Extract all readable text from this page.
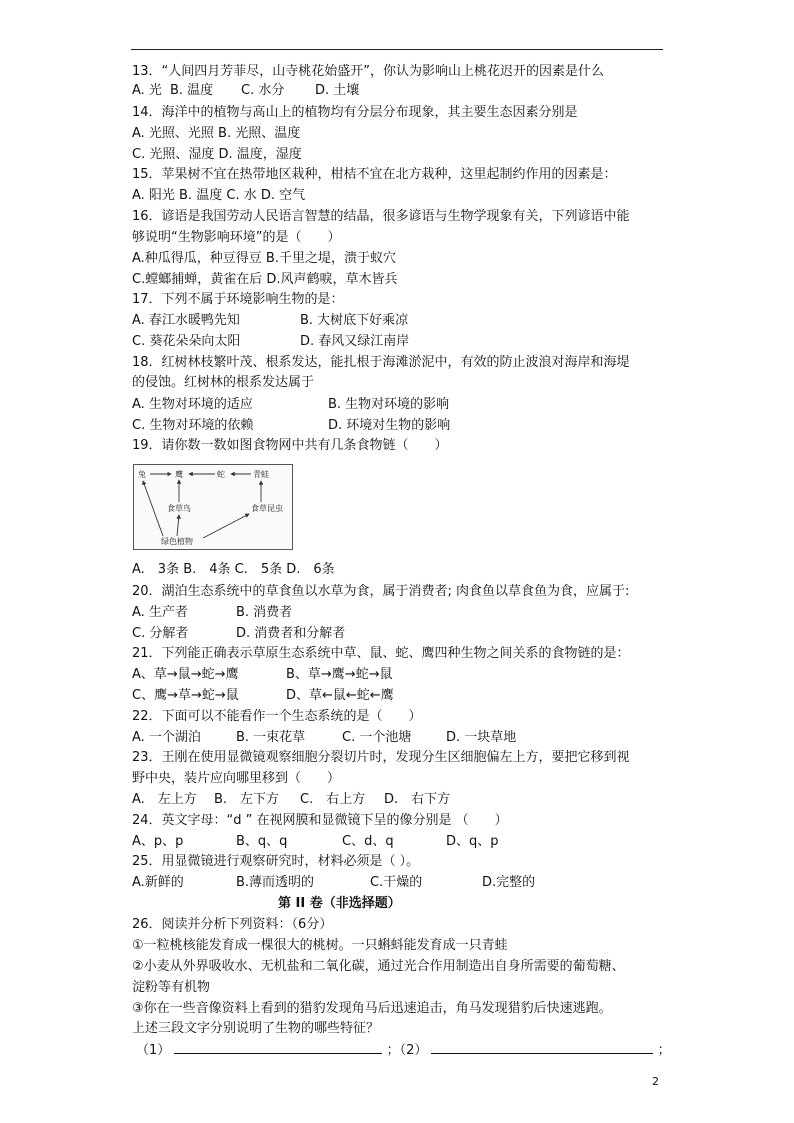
13．“人间四月芳菲尽，山寺桃花始盛开”，你认为影响山上桃花迟开的因素是什么
A. 光 B. 温度 C. 水分 D. 土壤
14．海洋中的植物与高山上的植物均有分层分布现象，其主要生态因素分别是
A. 光照、光照 B. 光照、温度
C. 光照、湿度 D. 温度，湿度
15．苹果树不宜在热带地区栽种，柑桔不宜在北方栽种，这里起制约作用的因素是：
A. 阳光 B. 温度 C. 水 D. 空气
16．谚语是我国劳动人民语言智慧的结晶，很多谚语与生物学现象有关，下列谚语中能
够说明“生物影响环境”的是（　　）
A.种瓜得瓜，种豆得豆 B.千里之堤，溃于蚁穴
C.螳螂捕蝉，黄雀在后 D.风声鹤唳，草木皆兵
17．下列不属于环境影响生物的是：
A. 春江水暖鸭先知	B. 大树底下好乘凉
C. 葵花朵朵向太阳	D. 春风又绿江南岸
18．红树林枝繁叶茂、根系发达，能扎根于海滩淤泥中，有效的防止波浪对海岸和海堤
的侵蚀。红树林的根系发达属于
A. 生物对环境的适应	B. 生物对环境的影响
C. 生物对环境的依赖	D. 环境对生物的影响
19．请你数一数如图食物网中共有几条食物链（　　）
兔	鹰	蛇	青蛙
食草鸟	食草昆虫
绿色植物
A.　3条 B.　4条 C.　5条 D.　6条
20．湖泊生态系统中的草食鱼以水草为食，属于消费者; 肉食鱼以草食鱼为食，应属于:
A. 生产者	B. 消费者
C. 分解者	D. 消费者和分解者
21．下列能正确表示草原生态系统中草、鼠、蛇、鹰四种生物之间关系的食物链的是：
A、草→鼠→蛇→鹰	B、草→鹰→蛇→鼠
C、鹰→草→蛇→鼠	D、草←鼠←蛇←鹰
22．下面可以不能看作一个生态系统的是（　　）
A. 一个湖泊	B. 一束花草	C. 一个池塘	D. 一块草地
23．王刚在使用显微镜观察细胞分裂切片时，发现分生区细胞偏左上方，要把它移到视
野中央，装片应向哪里移到（　　）
A.　左上方 B.　左下方 C.　右上方 D.　右下方
24．英文字母：“d ” 在视网膜和显微镜下呈的像分别是 （　　）
A、p、p	B、q、q	C、d、q	D、q、p
25．用显微镜进行观察研究时，材料必须是（ ）。
A.新鲜的	B.薄而透明的	C.干燥的	D.完整的
第 II 卷（非选择题）
26．阅读并分析下列资料：（6分）
①一粒桃核能发育成一棵很大的桃树。一只蝌蚪能发育成一只青蛙
②小麦从外界吸收水、无机盐和二氧化碳，通过光合作用制造出自身所需要的葡萄糖、
淀粉等有机物
③你在一些音像资料上看到的猎豹发现角马后迅速追击，角马发现猎豹后快速逃跑。
上述三段文字分别说明了生物的哪些特征？
（1）	；（2）	；
2
